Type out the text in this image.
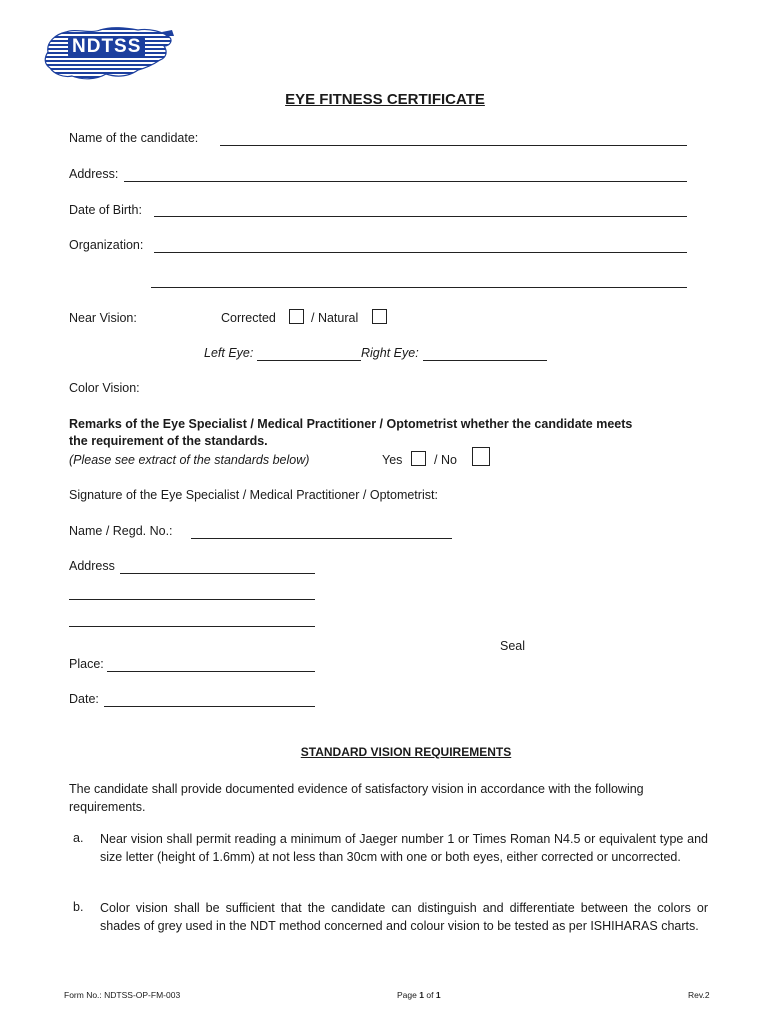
NDTSS
EYE FITNESS CERTIFICATE
Name of the candidate:
Address:
Date of Birth:
Organization:
Near Vision:	Corrected	/ Natural
Left Eye:	Right Eye:
Color Vision:
Remarks of the Eye Specialist / Medical Practitioner / Optometrist whether the candidate meets
the requirement of the standards.
(Please see extract of the standards below)	Yes	/ No
Signature of the Eye Specialist / Medical Practitioner / Optometrist:
Name / Regd. No.:
Address
Seal
Place:
Date:
STANDARD VISION REQUIREMENTS
The candidate shall provide documented evidence of satisfactory vision in accordance with the following requirements.
a. Near vision shall permit reading a minimum of Jaeger number 1 or Times Roman N4.5 or equivalent type and size letter (height of 1.6mm) at not less than 30cm with one or both eyes, either corrected or uncorrected.
b. Color vision shall be sufficient that the candidate can distinguish and differentiate between the colors or shades of grey used in the NDT method concerned and colour vision to be tested as per ISHIHARAS charts.
Form No.: NDTSS-OP-FM-003	Page 1 of 1	Rev.2
